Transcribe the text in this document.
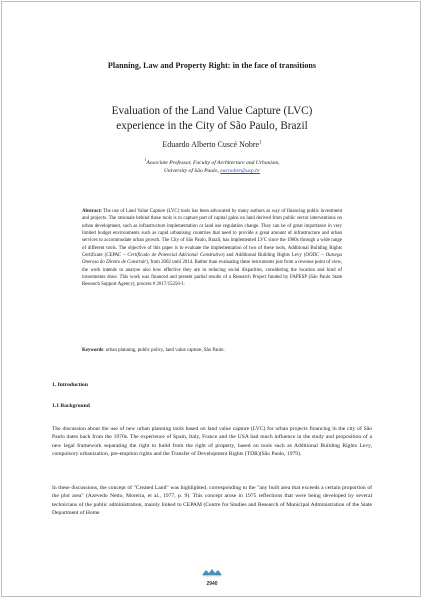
Planning, Law and Property Right: in the face of transitions
Evaluation of the Land Value Capture (LVC)
experience in the City of São Paulo, Brazil
Eduardo Alberto Cuscé Nobre$^1$
$^1$Associate Professor, Faculty of Architecture and Urbanism,
University of São Paulo, eacnobre@usp.br
Abstract: The use of Land Value Capture (LVC) tools has been advocated by many authors as way of financing public investment and projects. The rationale behind these tools is to capture part of capital gains on land derived from public sector interventions on urban development, such as infrastructure implementation or land use regulation change. They can be of great importance in very limited budget environments such as rapid urbanising countries that need to provide a great amount of infrastructure and urban services to accommodate urban growth. The City of São Paulo, Brazil, has implemented LVC since the 1980s through a wide range of different tools. The objective of this paper is to evaluate the implementation of two of these tools, Additional Building Rights Certificate (CEPAC – Certificado de Potencial Adicional Construtivo) and Additional Building Rights Levy (OODC – Outorga Onerosa do Direito de Construir), from 2002 until 2014. Rather than evaluating these instruments just from a revenue point of view, the work intends to analyse also how effective they are in reducing social disparities, considering the location and kind of investments done. This work was financed and present partial results of a Research Project funded by FAPESP (São Paulo State Research Support Agency), process # 2017/15256-1.
Keywords: urban planning, public policy, land value capture, São Paulo.
1. Introduction
1.1 Background
The discussion about the use of new urban planning tools based on land value capture (LVC) for urban projects financing in the city of São Paulo dates back from the 1970s. The experience of Spain, Italy, France and the USA had much influence in the study and proposition of a new legal framework separating the right to build from the right of property, based on tools such as Additional Building Rights Levy, compulsory urbanization, pre-emption rights and the Transfer of Development Rights (TDR)(São Paulo, 1979).
In these discussions, the concept of "Created Land" was highlighted, corresponding to the "any built area that exceeds a certain proportion of the plot area" (Azevedo Netto, Moreira, et al., 1977, p. 9). This concept arose in 1975 reflections that were being developed by several technicians of the public administration, mainly linked to CEPAM (Centre for Studies and Research of Municipal Administration of the State Department of Home
2940
